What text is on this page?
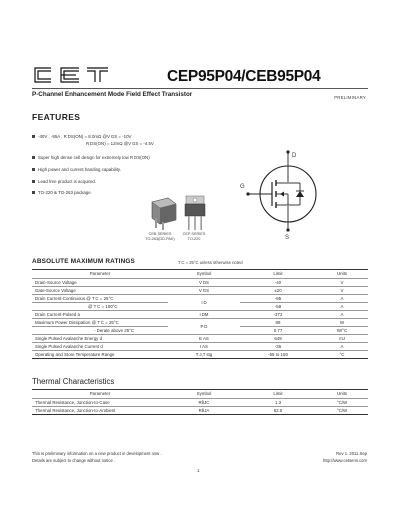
CEP95P04/CEB95P04
P-Channel Enhancement Mode Field Effect Transistor	PRELIMINARY
FEATURES
-40V , -95A , R DS(ON) = 8.0mΩ @V GS = -10V
R DS(ON) = 12mΩ @V GS = -4.5V
Super high dense cell design for extremely low R DS(ON)
High power and current handing capability.
Lead free product is acquired.
TO-220 & TO-263 package.
CEB SERIES
TO-263(DD-PAK)
CEP SERIES
TO-220
G
D
S
ABSOLUTE MAXIMUM RATINGS	T C = 25°C unless otherwise noted
Parameter	Symbol	Limit	Units
Drain-Source Voltage	V DS	-40	V
Gate-Source Voltage	V GS	±20	V
Drain Current-Continuous @ T C = 25°C	I D	-95	A
@ T C = 100°C		-58	A
Drain Current-Pulsed a	I DM	-372	A
Maximum Power Dissipation @ T C = 25°C	P D	88	W
- Derate above 25°C		0.77	W/°C
Single Pulsed Avalanche Energy d	E AS	649	mJ
Single Pulsed Avalanche Current d	I AS	-36	A
Operating and Store Temperature Range	T J,T stg	-55 to 150	°C
Thermal Characteristics
Parameter	Symbol	Limit	Units
Thermal Resistance, Junction-to-Case	RθJC	1.3	°C/W
Thermal Resistance, Junction-to-Ambient	RθJA	62.5	°C/W
This is preliminary information on a new product in development now .
Details are subject to change without notice .
Rev 1. 2011.Sep
http://www.cetsemi.com
1
